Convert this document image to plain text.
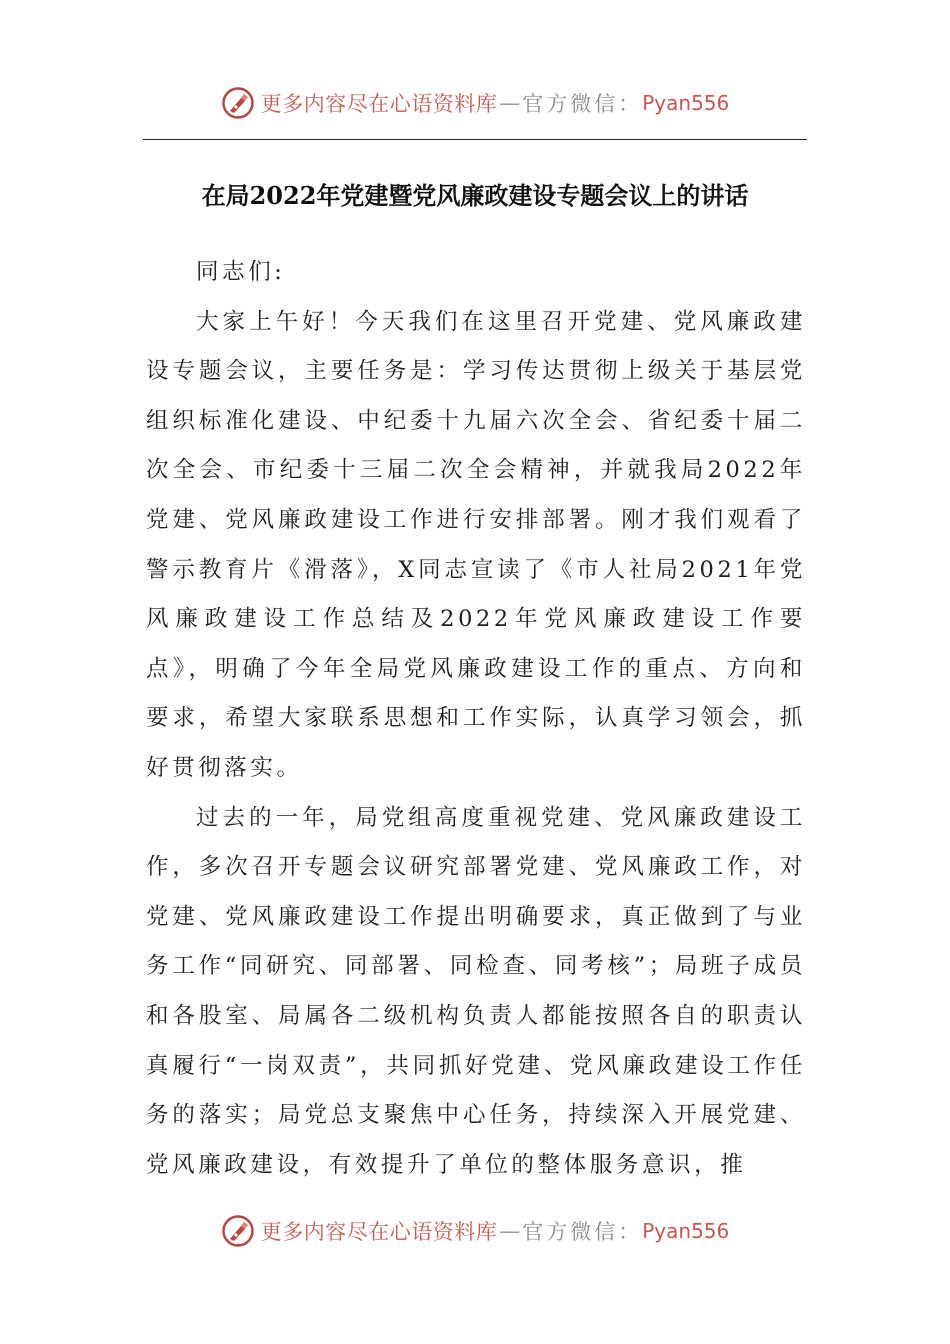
更多内容尽在心语资料库 — 官方微信： Pyan556
在局2022年党建暨党风廉政建设专题会议上的讲话

同志们:

大家上午好！今天我们在这里召开党建、党风廉政建设专题会议，主要任务是：学习传达贯彻上级关于基层党组织标准化建设、中纪委十九届六次全会、省纪委十届二次全会、市纪委十三届二次全会精神，并就我局2022年党建、党风廉政建设工作进行安排部署。刚才我们观看了警示教育片《滑落》，X同志宣读了《市人社局2021年党风廉政建设工作总结及2022年党风廉政建设工作要点》，明确了今年全局党风廉政建设工作的重点、方向和要求，希望大家联系思想和工作实际，认真学习领会，抓好贯彻落实。

过去的一年，局党组高度重视党建、党风廉政建设工作，多次召开专题会议研究部署党建、党风廉政工作，对党建、党风廉政建设工作提出明确要求，真正做到了与业务工作“同研究、同部署、同检查、同考核”；局班子成员和各股室、局属各二级机构负责人都能按照各自的职责认真履行“一岗双责”，共同抓好党建、党风廉政建设工作任务的落实；局党总支聚焦中心任务，持续深入开展党建、党风廉政建设，有效提升了单位的整体服务意识，推

更多内容尽在心语资料库 — 官方微信： Pyan556
